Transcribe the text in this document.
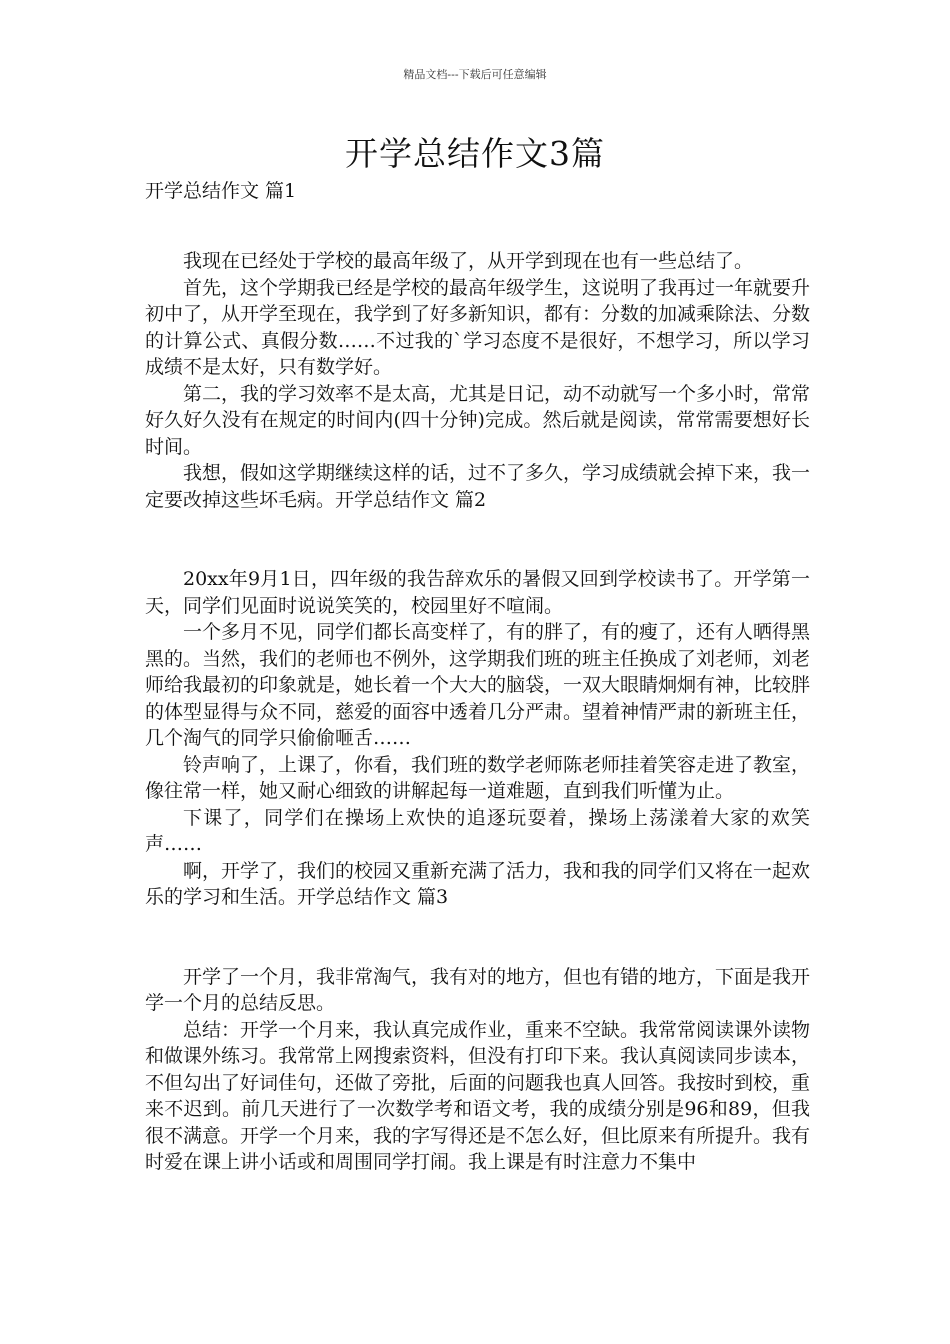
精品文档---下载后可任意编辑
开学总结作文3篇
开学总结作文 篇1

我现在已经处于学校的最高年级了，从开学到现在也有一些总结了。

首先，这个学期我已经是学校的最高年级学生，这说明了我再过一年就要升初中了，从开学至现在，我学到了好多新知识，都有：分数的加减乘除法、分数的计算公式、真假分数……不过我的`学习态度不是很好，不想学习，所以学习成绩不是太好，只有数学好。

第二，我的学习效率不是太高，尤其是日记，动不动就写一个多小时，常常好久好久没有在规定的时间内(四十分钟)完成。然后就是阅读，常常需要想好长时间。

我想，假如这学期继续这样的话，过不了多久，学习成绩就会掉下来，我一定要改掉这些坏毛病。开学总结作文 篇2

20xx年9月1日，四年级的我告辞欢乐的暑假又回到学校读书了。开学第一天，同学们见面时说说笑笑的，校园里好不喧闹。

一个多月不见，同学们都长高变样了，有的胖了，有的瘦了，还有人晒得黑黑的。当然，我们的老师也不例外，这学期我们班的班主任换成了刘老师，刘老师给我最初的印象就是，她长着一个大大的脑袋，一双大眼睛炯炯有神，比较胖的体型显得与众不同，慈爱的面容中透着几分严肃。望着神情严肃的新班主任，几个淘气的同学只偷偷咂舌……

铃声响了，上课了，你看，我们班的数学老师陈老师挂着笑容走进了教室，像往常一样，她又耐心细致的讲解起每一道难题，直到我们听懂为止。

下课了，同学们在操场上欢快的追逐玩耍着，操场上荡漾着大家的欢笑声……

啊，开学了，我们的校园又重新充满了活力，我和我的同学们又将在一起欢乐的学习和生活。开学总结作文 篇3

开学了一个月，我非常淘气，我有对的地方，但也有错的地方，下面是我开学一个月的总结反思。

总结：开学一个月来，我认真完成作业，重来不空缺。我常常阅读课外读物和做课外练习。我常常上网搜索资料，但没有打印下来。我认真阅读同步读本，不但勾出了好词佳句，还做了旁批，后面的问题我也真人回答。我按时到校，重来不迟到。前几天进行了一次数学考和语文考，我的成绩分别是96和89，但我很不满意。开学一个月来，我的字写得还是不怎么好，但比原来有所提升。我有时爱在课上讲小话或和周围同学打闹。我上课是有时注意力不集中
